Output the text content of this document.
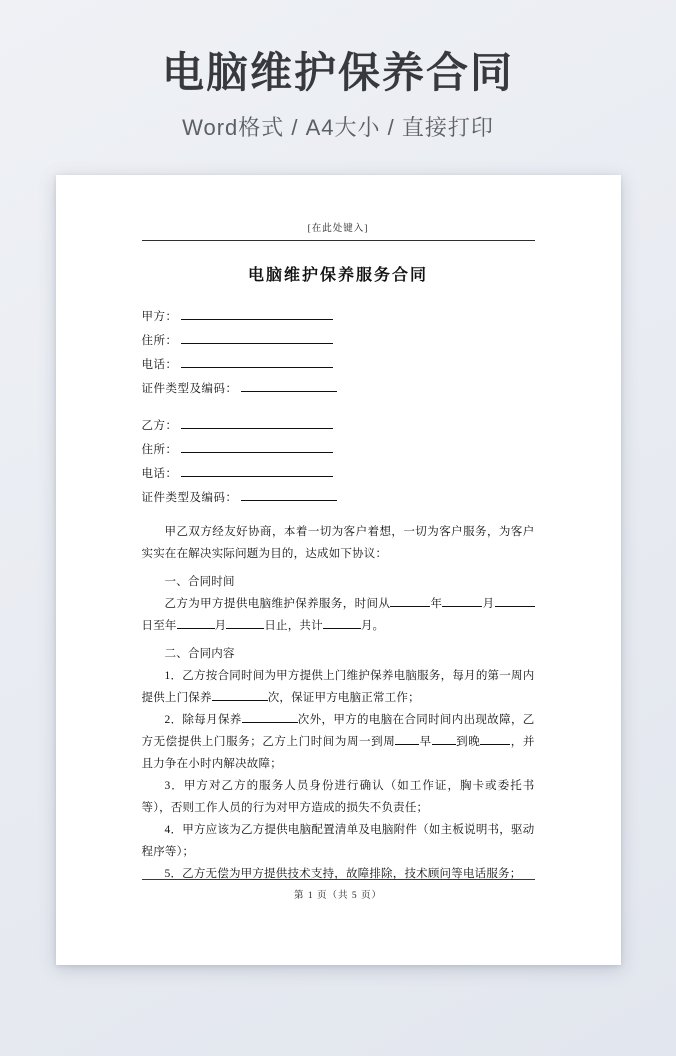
电脑维护保养合同

Word格式 / A4大小 / 直接打印

[在此处键入]
电脑维护保养服务合同
甲方：
住所：
电话：
证件类型及编码：
乙方：
住所：
电话：
证件类型及编码：

甲乙双方经友好协商，本着一切为客户着想，一切为客户服务，为客户实实在在解决实际问题为目的，达成如下协议：

一、合同时间

乙方为甲方提供电脑维护保养服务，时间从	年	月日至年	月	日止，共计	月。

二、合同内容

1．乙方按合同时间为甲方提供上门维护保养电脑服务，每月的第一周内提供上门保养	次，保证甲方电脑正常工作；

2．除每月保养	次外，甲方的电脑在合同时间内出现故障，乙方无偿提供上门服务；乙方上门时间为周一到周 早 到晚	，并且力争在小时内解决故障；

3．甲方对乙方的服务人员身份进行确认（如工作证，胸卡或委托书等），否则工作人员的行为对甲方造成的损失不负责任；

4．甲方应该为乙方提供电脑配置清单及电脑附件（如主板说明书，驱动程序等）；

5．乙方无偿为甲方提供技术支持，故障排除，技术顾问等电话服务；

第 1 页（共 5 页）
